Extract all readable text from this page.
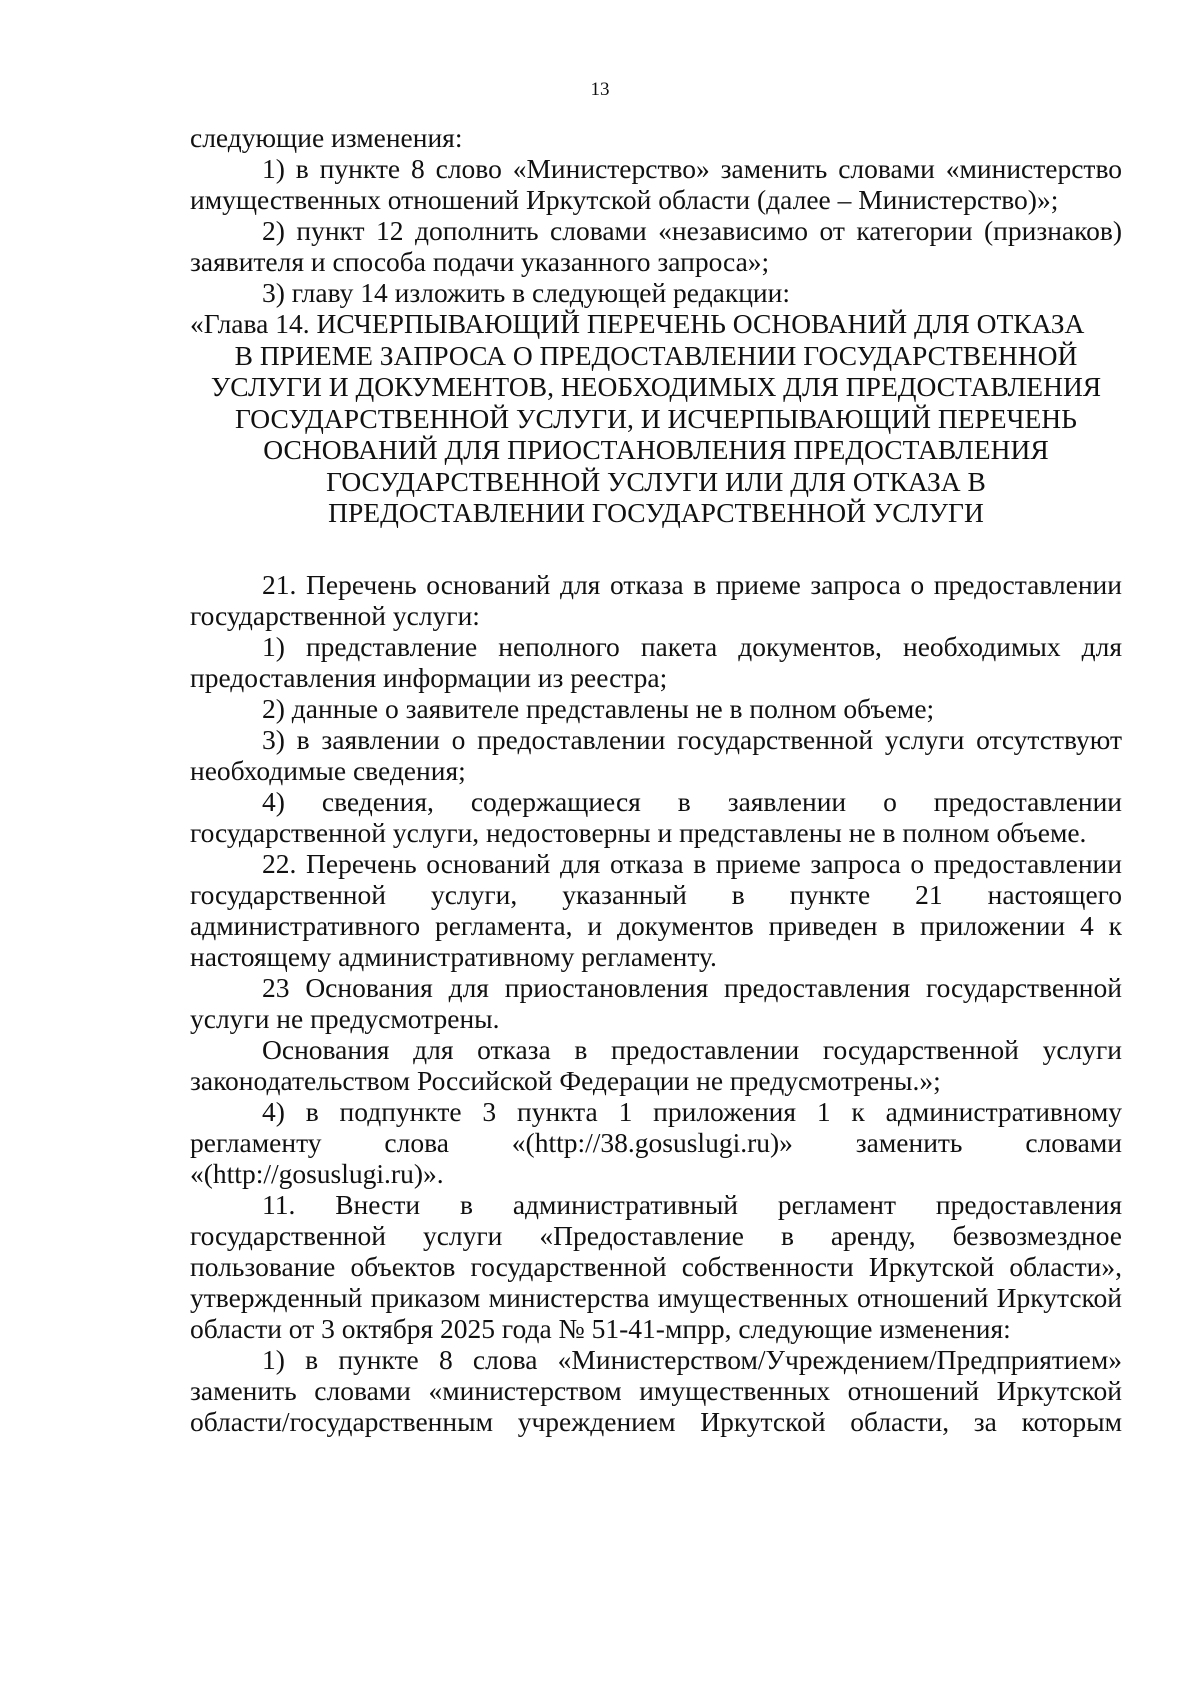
13

следующие изменения:

1) в пункте 8 слово «Министерство» заменить словами «министерство имущественных отношений Иркутской области (далее – Министерство)»;

2) пункт 12 дополнить словами «независимо от категории (признаков) заявителя и способа подачи указанного запроса»;

3) главу 14 изложить в следующей редакции:

«Глава 14. ИСЧЕРПЫВАЮЩИЙ ПЕРЕЧЕНЬ ОСНОВАНИЙ ДЛЯ ОТКАЗА
В ПРИЕМЕ ЗАПРОСА О ПРЕДОСТАВЛЕНИИ ГОСУДАРСТВЕННОЙ
УСЛУГИ И ДОКУМЕНТОВ, НЕОБХОДИМЫХ ДЛЯ ПРЕДОСТАВЛЕНИЯ
ГОСУДАРСТВЕННОЙ УСЛУГИ, И ИСЧЕРПЫВАЮЩИЙ ПЕРЕЧЕНЬ
ОСНОВАНИЙ ДЛЯ ПРИОСТАНОВЛЕНИЯ ПРЕДОСТАВЛЕНИЯ
ГОСУДАРСТВЕННОЙ УСЛУГИ ИЛИ ДЛЯ ОТКАЗА В
ПРЕДОСТАВЛЕНИИ ГОСУДАРСТВЕННОЙ УСЛУГИ

21. Перечень оснований для отказа в приеме запроса о предоставлении государственной услуги:

1) представление неполного пакета документов, необходимых для предоставления информации из реестра;

2) данные о заявителе представлены не в полном объеме;

3) в заявлении о предоставлении государственной услуги отсутствуют необходимые сведения;

4) сведения, содержащиеся в заявлении о предоставлении государственной услуги, недостоверны и представлены не в полном объеме.

22. Перечень оснований для отказа в приеме запроса о предоставлении государственной услуги, указанный в пункте 21 настоящего административного регламента, и документов приведен в приложении 4 к настоящему административному регламенту.

23 Основания для приостановления предоставления государственной услуги не предусмотрены.

Основания для отказа в предоставлении государственной услуги законодательством Российской Федерации не предусмотрены.»;

4) в подпункте 3 пункта 1 приложения 1 к административному регламенту слова «(http://38.gosuslugi.ru)» заменить словами «(http://gosuslugi.ru)».

11. Внести в административный регламент предоставления государственной услуги «Предоставление в аренду, безвозмездное пользование объектов государственной собственности Иркутской области», утвержденный приказом министерства имущественных отношений Иркутской области от 3 октября 2025 года № 51-41-мпрр, следующие изменения:

1) в пункте 8 слова «Министерством/Учреждением/Предприятием» заменить словами «министерством имущественных отношений Иркутской области/государственным учреждением Иркутской области, за которым
